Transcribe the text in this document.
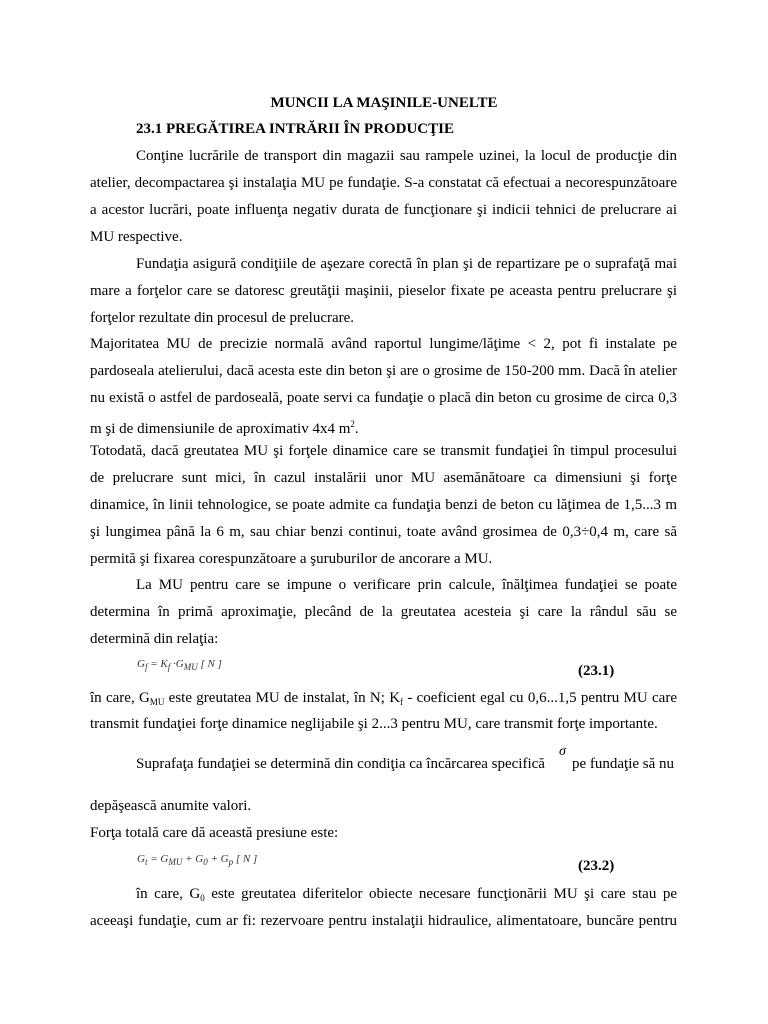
MUNCII LA MAŞINILE-UNELTE
23.1 PREGĂTIREA INTRĂRII ÎN PRODUCŢIE
Conţine lucrările de transport din magazii sau rampele uzinei, la locul de producţie din
atelier, decompactarea şi instalaţia MU pe fundaţie. S-a constatat că efectuai a necorespunzătoare
a acestor lucrări, poate influenţa negativ durata de funcţionare şi indicii tehnici de prelucrare ai
MU respective.
Fundaţia asigură condiţiile de aşezare corectă în plan şi de repartizare pe o suprafaţă mai
mare a forţelor care se datoresc greutăţii maşinii, pieselor fixate pe aceasta pentru prelucrare şi
forţelor rezultate din procesul de prelucrare.
Majoritatea MU de precizie normală având raportul lungime/lăţime < 2, pot fi instalate pe
pardoseala atelierului, dacă acesta este din beton şi are o grosime de 150-200 mm. Dacă în atelier
nu există o astfel de pardoseală, poate servi ca fundaţie o placă din beton cu grosime de circa 0,3
m şi de dimensiunile de aproximativ 4x4 $m^2$.
Totodată, dacă greutatea MU şi forţele dinamice care se transmit fundaţiei în timpul procesului
de prelucrare sunt mici, în cazul instalării unor MU asemănătoare ca dimensiuni şi forţe
dinamice, în linii tehnologice, se poate admite ca fundaţia benzi de beton cu lăţimea de 1,5...3 m
şi lungimea până la 6 m, sau chiar benzi continui, toate având grosimea de 0,3÷0,4 m, care să
permită şi fixarea corespunzătoare a şuruburilor de ancorare a MU.
La MU pentru care se impune o verificare prin calcule, înălţimea fundaţiei se poate
determina în primă aproximaţie, plecând de la greutatea acesteia şi care la rândul său se
determină din relaţia:
$G_f = K_f \cdot G_{MU}$ [ N ]	(23.1)
în care, $G_{MU}$ este greutatea MU de instalat, în N; $K_f$ - coeficient egal cu 0,6...1,5 pentru MU care
transmit fundaţiei forţe dinamice neglijabile şi 2...3 pentru MU, care transmit forţe importante.
Suprafaţa fundaţiei se determină din condiţia ca încărcarea specifică
σ
pe fundaţie să nu
depăşească anumite valori.
Forţa totală care dă această presiune este:
$G_t = G_{MU} + G_0 + G_p$ [ N ]	(23.2)
în care, $G_0$ este greutatea diferitelor obiecte necesare funcţionării MU şi care stau pe
aceeaşi fundaţie, cum ar fi: rezervoare pentru instalaţii hidraulice, alimentatoare, buncăre pentru
